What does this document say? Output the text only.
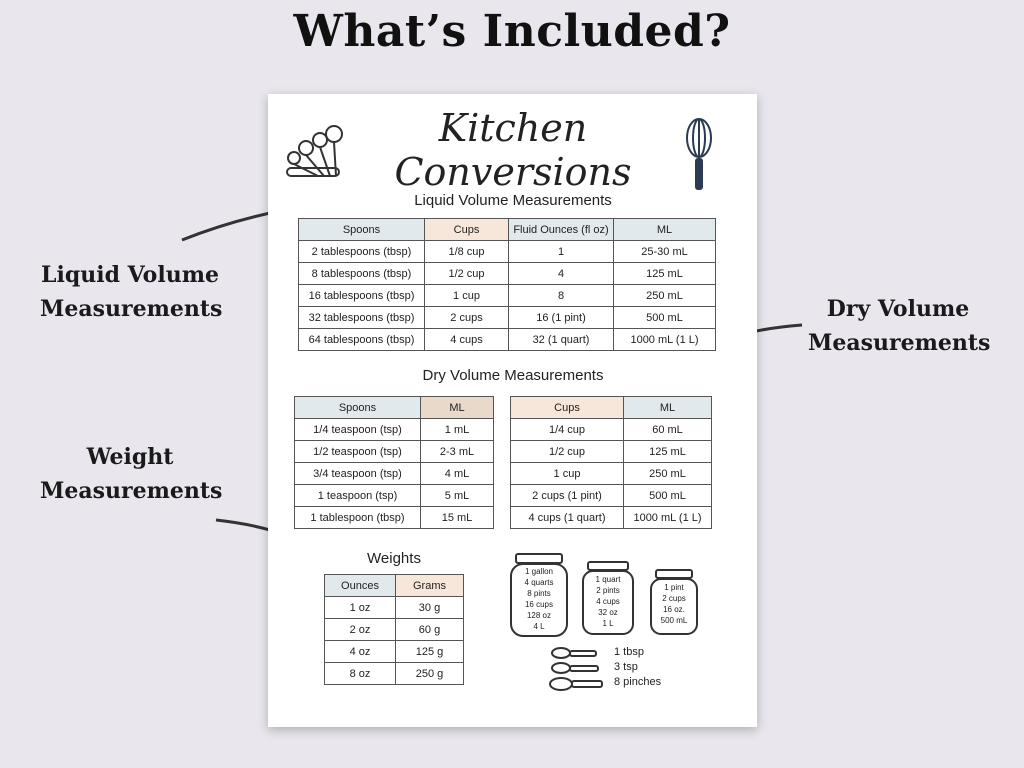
What’s Included?
Liquid Volume
Measurements	Dry Volume
Measurements
Weight
Measurements
Kitchen Conversions
Liquid Volume Measurements
Spoons	Cups	Fluid Ounces (fl oz)	ML
2 tablespoons (tbsp)	1/8 cup	1	25-30 mL
8 tablespoons (tbsp)	1/2 cup	4	125 mL
16 tablespoons (tbsp)	1 cup	8	250 mL
32 tablespoons (tbsp)	2 cups	16 (1 pint)	500 mL
64 tablespoons (tbsp)	4 cups	32 (1 quart)	1000 mL (1 L)
Dry Volume Measurements
Spoons	ML
1/4 teaspoon (tsp)	1 mL
1/2 teaspoon (tsp)	2-3 mL
3/4 teaspoon (tsp)	4 mL
1 teaspoon (tsp)	5 mL
1 tablespoon (tbsp)	15 mL
Cups	ML
1/4 cup	60 mL
1/2 cup	125 mL
1 cup	250 mL
2 cups (1 pint)	500 mL
4 cups (1 quart)	1000 mL (1 L)
Weights
Ounces	Grams
1 oz	30 g
2 oz	60 g
4 oz	125 g
8 oz	250 g
1 gallon
4 quarts
8 pints
16 cups
128 oz
4 L
1 quart
2 pints
4 cups
32 oz
1 L
1 pint
2 cups
16 oz.
500 mL
1 tbsp
3 tsp
8 pinches
